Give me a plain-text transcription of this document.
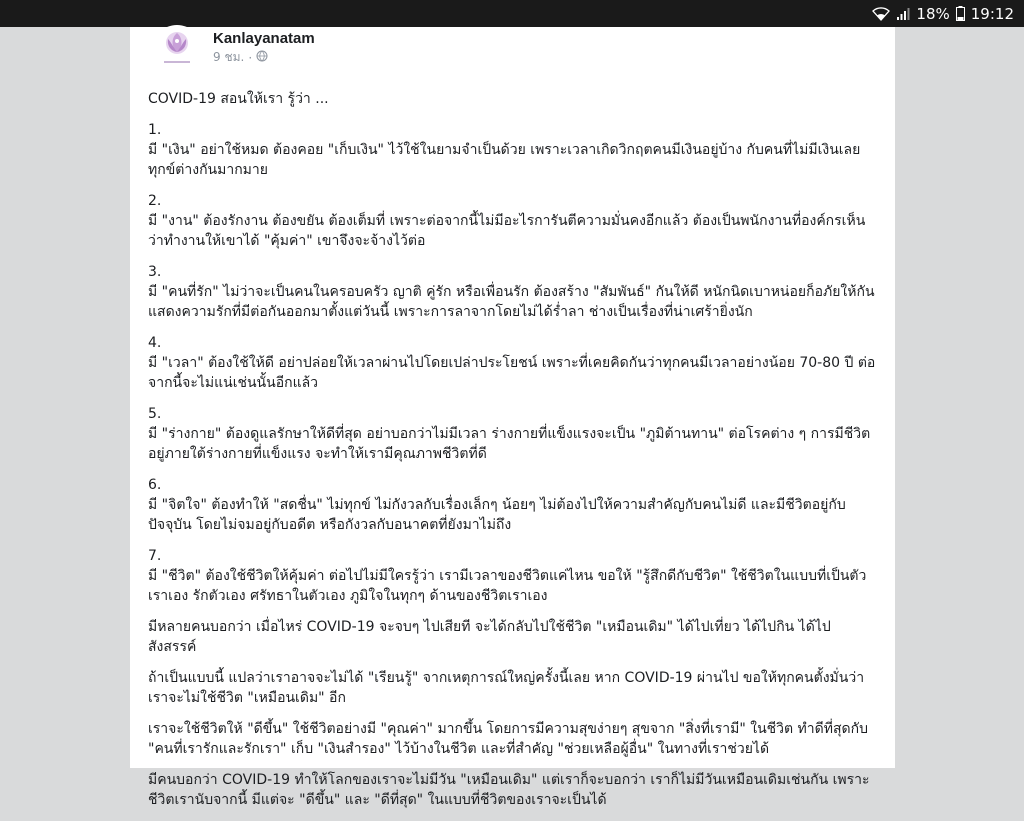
18% 19:12
Kanlayanatam
9 ชม. ·

COVID-19 สอนให้เรา รู้ว่า ...

1.
มี "เงิน" อย่าใช้หมด ต้องคอย "เก็บเงิน" ไว้ใช้ในยามจำเป็นด้วย เพราะเวลาเกิดวิกฤตคนมีเงินอยู่บ้าง กับคนที่ไม่มีเงินเลย ทุกข์ต่างกันมากมาย

2.
มี "งาน" ต้องรักงาน ต้องขยัน ต้องเต็มที่ เพราะต่อจากนี้ไม่มีอะไรการันตีความมั่นคงอีกแล้ว ต้องเป็นพนักงานที่องค์กรเห็นว่าทำงานให้เขาได้ "คุ้มค่า" เขาจึงจะจ้างไว้ต่อ

3.
มี "คนที่รัก" ไม่ว่าจะเป็นคนในครอบครัว ญาติ คู่รัก หรือเพื่อนรัก ต้องสร้าง "สัมพันธ์" กันให้ดี หนักนิดเบาหน่อยก็อภัยให้กัน แสดงความรักที่มีต่อกันออกมาตั้งแต่วันนี้ เพราะการลาจากโดยไม่ได้ร่ำลา ช่างเป็นเรื่องที่น่าเศร้ายิ่งนัก

4.
มี "เวลา" ต้องใช้ให้ดี อย่าปล่อยให้เวลาผ่านไปโดยเปล่าประโยชน์ เพราะที่เคยคิดกันว่าทุกคนมีเวลาอย่างน้อย 70-80 ปี ต่อจากนี้จะไม่แน่เช่นนั้นอีกแล้ว

5.
มี "ร่างกาย" ต้องดูแลรักษาให้ดีที่สุด อย่าบอกว่าไม่มีเวลา ร่างกายที่แข็งแรงจะเป็น "ภูมิต้านทาน" ต่อโรคต่าง ๆ การมีชีวิตอยู่ภายใต้ร่างกายที่แข็งแรง จะทำให้เรามีคุณภาพชีวิตที่ดี

6.
มี "จิตใจ" ต้องทำให้ "สดชื่น" ไม่ทุกข์ ไม่กังวลกับเรื่องเล็กๆ น้อยๆ ไม่ต้องไปให้ความสำคัญกับคนไม่ดี และมีชีวิตอยู่กับปัจจุบัน โดยไม่จมอยู่กับอดีต หรือกังวลกับอนาคตที่ยังมาไม่ถึง

7.
มี "ชีวิต" ต้องใช้ชีวิตให้คุ้มค่า ต่อไปไม่มีใครรู้ว่า เรามีเวลาของชีวิตแค่ไหน ขอให้ "รู้สึกดีกับชีวิต" ใช้ชีวิตในแบบที่เป็นตัวเราเอง รักตัวเอง ศรัทธาในตัวเอง ภูมิใจในทุกๆ ด้านของชีวิตเราเอง

มีหลายคนบอกว่า เมื่อไหร่ COVID-19 จะจบๆ ไปเสียที จะได้กลับไปใช้ชีวิต "เหมือนเดิม" ได้ไปเที่ยว ได้ไปกิน ได้ไปสังสรรค์

ถ้าเป็นแบบนี้ แปลว่าเราอาจจะไม่ได้ "เรียนรู้" จากเหตุการณ์ใหญ่ครั้งนี้เลย หาก COVID-19 ผ่านไป ขอให้ทุกคนตั้งมั่นว่า เราจะไม่ใช้ชีวิต "เหมือนเดิม" อีก

เราจะใช้ชีวิตให้ "ดีขึ้น" ใช้ชีวิตอย่างมี "คุณค่า" มากขึ้น โดยการมีความสุขง่ายๆ สุขจาก "สิ่งที่เรามี" ในชีวิต ทำดีที่สุดกับ "คนที่เรารักและรักเรา" เก็บ "เงินสำรอง" ไว้บ้างในชีวิต และที่สำคัญ "ช่วยเหลือผู้อื่น" ในทางที่เราช่วยได้

มีคนบอกว่า COVID-19 ทำให้โลกของเราจะไม่มีวัน "เหมือนเดิม" แต่เราก็จะบอกว่า เราก็ไม่มีวันเหมือนเดิมเช่นกัน เพราะชีวิตเรานับจากนี้ มีแต่จะ "ดีขึ้น" และ "ดีที่สุด" ในแบบที่ชีวิตของเราจะเป็นได้
